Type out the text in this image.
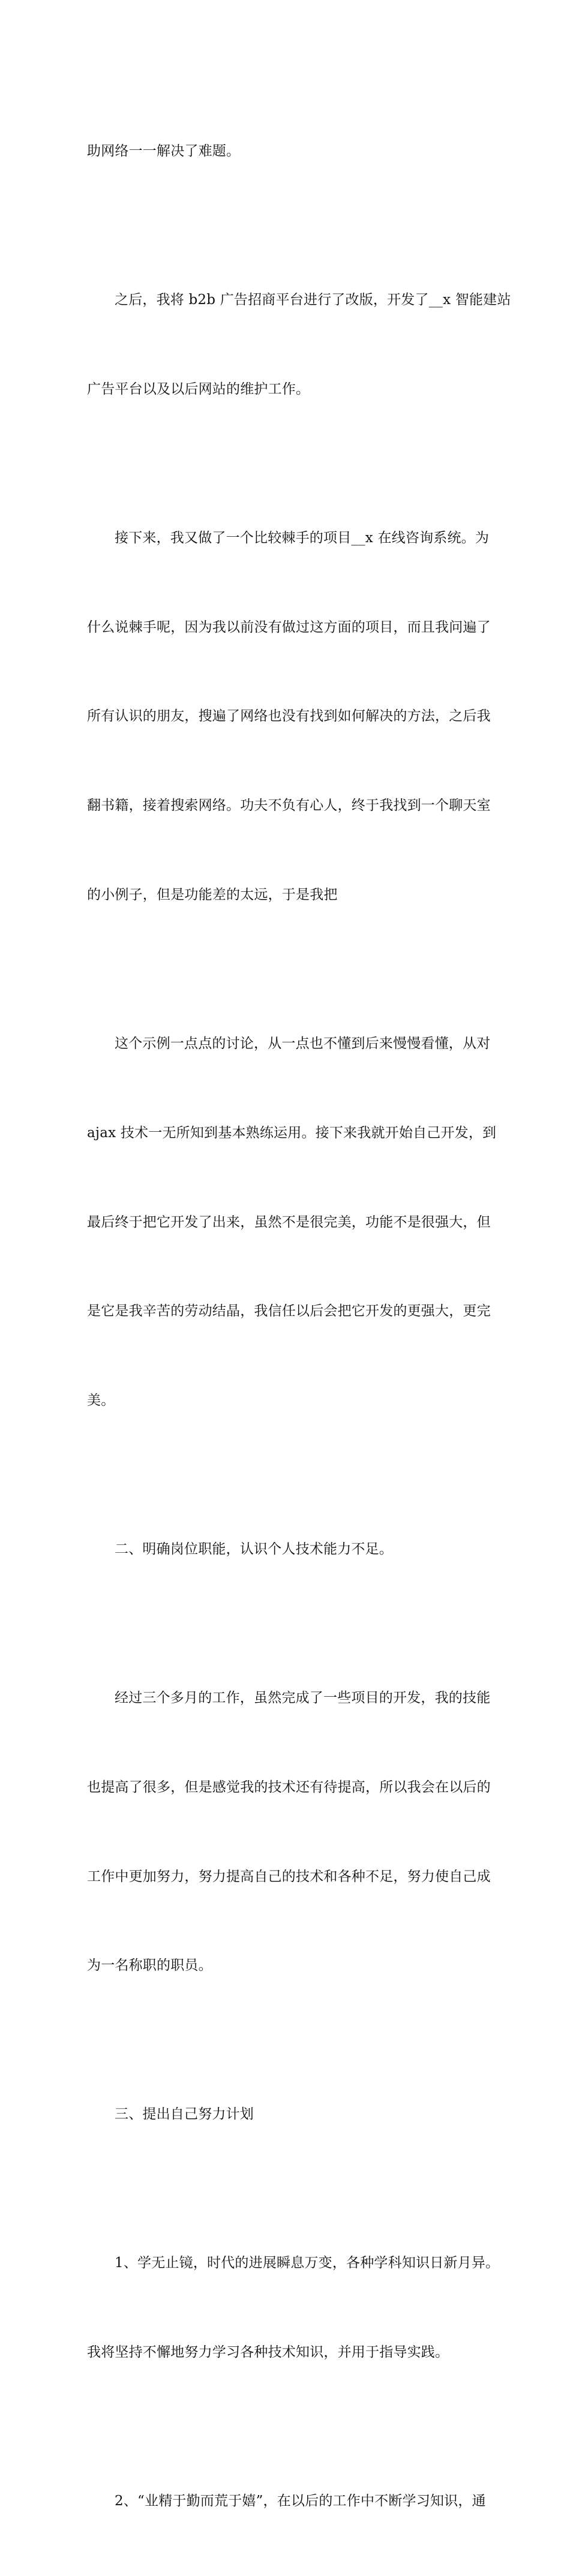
助网络一一解决了难题。

之后，我将 b2b 广告招商平台进行了改版，开发了__x 智能建站

广告平台以及以后网站的维护工作。

接下来，我又做了一个比较棘手的项目__x 在线咨询系统。为

什么说棘手呢，因为我以前没有做过这方面的项目，而且我问遍了

所有认识的朋友，搜遍了网络也没有找到如何解决的方法，之后我

翻书籍，接着搜索网络。功夫不负有心人，终于我找到一个聊天室

的小例子，但是功能差的太远，于是我把

这个示例一点点的讨论，从一点也不懂到后来慢慢看懂，从对

ajax 技术一无所知到基本熟练运用。接下来我就开始自己开发，到

最后终于把它开发了出来，虽然不是很完美，功能不是很强大，但

是它是我辛苦的劳动结晶，我信任以后会把它开发的更强大，更完

美。

二、明确岗位职能，认识个人技术能力不足。

经过三个多月的工作，虽然完成了一些项目的开发，我的技能

也提高了很多，但是感觉我的技术还有待提高，所以我会在以后的

工作中更加努力，努力提高自己的技术和各种不足，努力使自己成

为一名称职的职员。

三、提出自己努力计划

1、学无止镜，时代的进展瞬息万变，各种学科知识日新月异。

我将坚持不懈地努力学习各种技术知识，并用于指导实践。

2、“业精于勤而荒于嬉”，在以后的工作中不断学习知识，通
